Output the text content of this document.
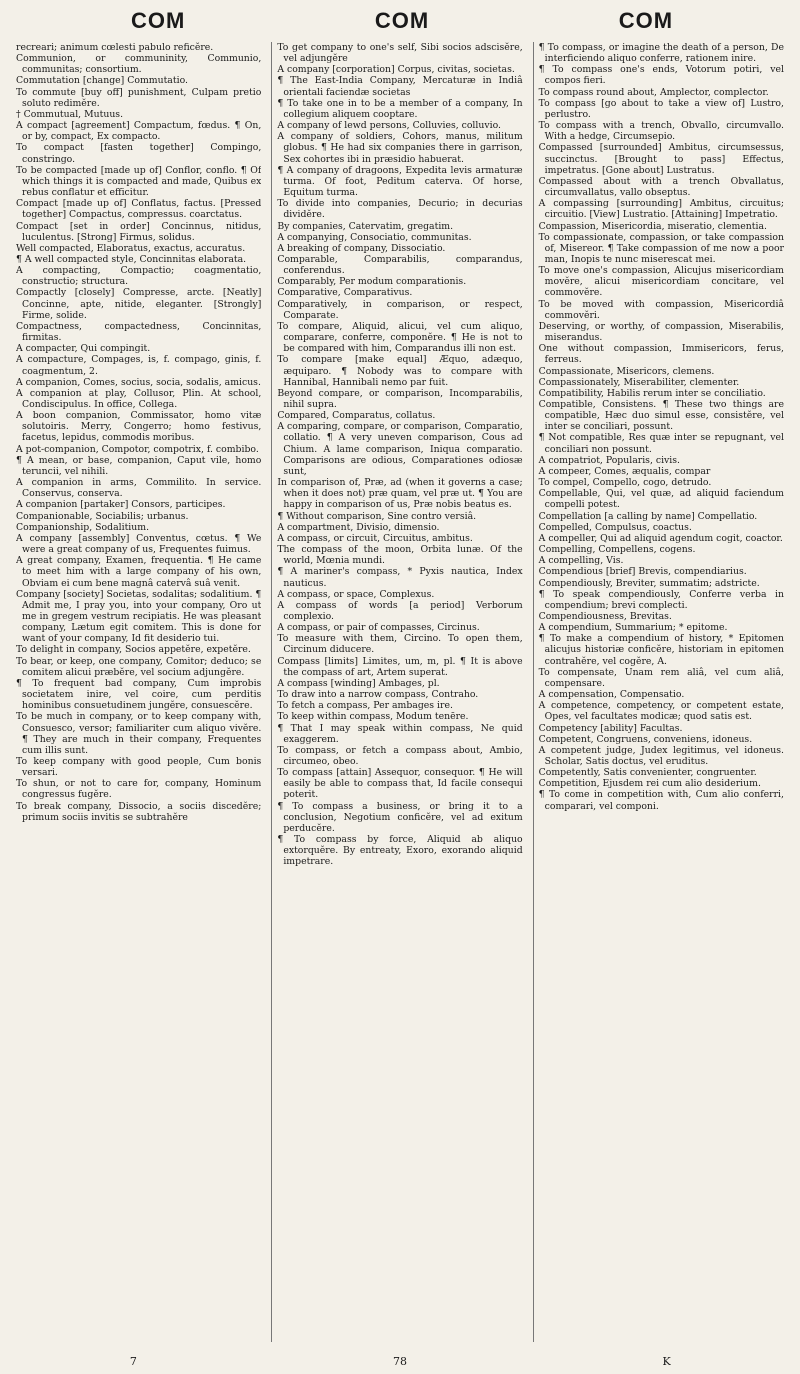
COM	COM	COM

recreari; animum cœlesti pabulo reficĕre.

Communion, or communinity, Communio, communitas; consortium.

Commutation [change] Commutatio.

To commute [buy off] punishment, Culpam pretio soluto redimĕre.

† Commutual, Mutuus.

A compact [agreement] Compactum, fœdus. ¶ On, or by, compact, Ex compacto.

To compact [fasten together] Compingo, constringo.

To be compacted [made up of] Conflor, conflo. ¶ Of which things it is compacted and made, Quibus ex rebus conflatur et efficitur.

Compact [made up of] Conflatus, factus. [Pressed together] Compactus, compressus. coarctatus.

Compact [set in order] Concinnus, nitidus, luculentus. [Strong] Firmus, solidus.

Well compacted, Elaboratus, exactus, accuratus.

¶ A well compacted style, Concinnitas elaborata.

A compacting, Compactio; coagmentatio, constructio; structura.

Compactly [closely] Compresse, arcte. [Neatly] Concinne, apte, nitide, eleganter. [Strongly] Firme, solide.

Compactness, compactedness, Concinnitas, firmitas.

A compacter, Qui compingit.

A compacture, Compages, is, f. compago, ginis, f. coagmentum, 2.

A companion, Comes, socius, socia, sodalis, amicus.

A companion at play, Collusor, Plin. At school, Condiscipulus. In office, Collega.

A boon companion, Commissator, homo vitæ solutoiris. Merry, Congerro; homo festivus, facetus, lepidus, commodis moribus.

A pot-companion, Compotor, compotrix, f. combibo.

¶ A mean, or base, companion, Caput vile, homo teruncii, vel nihili.

A companion in arms, Commilito. In service. Conservus, conserva.

A companion [partaker] Consors, participes.

Companionable, Sociabilis; urbanus.

Companionship, Sodalitium.

A company [assembly] Conventus, cœtus. ¶ We were a great company of us, Frequentes fuimus.

A great company, Examen, frequentia. ¶ He came to meet him with a large company of his own, Obviam ei cum bene magnâ catervâ suâ venit.

Company [society] Societas, sodalitas; sodalitium. ¶ Admit me, I pray you, into your company, Oro ut me in gregem vestrum recipiatis. He was pleasant company, Lætum egit comitem. This is done for want of your company, Id fit desiderio tui.

To delight in company, Socios appetĕre, expetĕre.

To bear, or keep, one company, Comitor; deduco; se comitem alicui præbĕre, vel socium adjungĕre.

¶ To frequent bad company, Cum improbis societatem inire, vel coire, cum perditis hominibus consuetudinem jungĕre, consuescĕre.

To be much in company, or to keep company with, Consuesco, versor; familiariter cum aliquo vivĕre. ¶ They are much in their company, Frequentes cum illis sunt.

To keep company with good people, Cum bonis versari.

To shun, or not to care for, company, Hominum congressus fugĕre.

To break company, Dissocio, a sociis discedĕre; primum sociis invitis se subtrahĕre

To get company to one's self, Sibi socios adscisĕre, vel adjungĕre

A company [corporation] Corpus, civitas, societas.

¶ The East-India Company, Mercaturæ in Indiâ orientali faciendæ societas

¶ To take one in to be a member of a company, In collegium aliquem cooptare.

A company of lewd persons, Colluvies, colluvio.

A company of soldiers, Cohors, manus, militum globus. ¶ He had six companies there in garrison, Sex cohortes ibi in præsidio habuerat.

¶ A company of dragoons, Expedita levis armaturæ turma. Of foot, Peditum caterva. Of horse, Equitum turma.

To divide into companies, Decurio; in decurias dividĕre.

By companies, Catervatim, gregatim.

A companying, Consociatio, communitas.

A breaking of company, Dissociatio.

Comparable, Comparabilis, comparandus, conferendus.

Comparably, Per modum comparationis.

Comparative, Comparativus.

Comparatively, in comparison, or respect, Comparate.

To compare, Aliquid, alicui, vel cum aliquo, comparare, conferre, componĕre. ¶ He is not to be compared with him, Comparandus illi non est.

To compare [make equal] Æquo, adæquo, æquiparo. ¶ Nobody was to compare with Hannibal, Hannibali nemo par fuit.

Beyond compare, or comparison, Incomparabilis, nihil supra.

Compared, Comparatus, collatus.

A comparing, compare, or comparison, Comparatio, collatio. ¶ A very uneven comparison, Cous ad Chium. A lame comparison, Iniqua comparatio. Comparisons are odious, Comparationes odiosæ sunt,

In comparison of, Præ, ad (when it governs a case; when it does not) præ quam, vel præ ut. ¶ You are happy in comparison of us, Præ nobis beatus es.

¶ Without comparison, Sine contro versiâ.

A compartment, Divisio, dimensio.

A compass, or circuit, Circuitus, ambitus.

The compass of the moon, Orbita lunæ. Of the world, Mœnia mundi.

¶ A mariner's compass, * Pyxis nautica, Index nauticus.

A compass, or space, Complexus.

A compass of words [a period] Verborum complexio.

A compass, or pair of compasses, Circinus.

To measure with them, Circino. To open them, Circinum diducere.

Compass [limits] Limites, um, m, pl. ¶ It is above the compass of art, Artem superat.

A compass [winding] Ambages, pl.

To draw into a narrow compass, Contraho.

To fetch a compass, Per ambages ire.

To keep within compass, Modum tenēre.

¶ That I may speak within compass, Ne quid exaggerem.

To compass, or fetch a compass about, Ambio, circumeo, obeo.

To compass [attain] Assequor, consequor. ¶ He will easily be able to compass that, Id facile consequi poterit.

¶ To compass a business, or bring it to a conclusion, Negotium conficĕre, vel ad exitum perducĕre.

¶ To compass by force, Aliquid ab aliquo extorquĕre. By entreaty, Exoro, exorando aliquid impetrare.

¶ To compass, or imagine the death of a person, De interficiendo aliquo conferre, rationem inire.

¶ To compass one's ends, Votorum potiri, vel compos fieri.

To compass round about, Amplector, complector.

To compass [go about to take a view of] Lustro, perlustro.

To compass with a trench, Obvallo, circumvallo. With a hedge, Circumsepio.

Compassed [surrounded] Ambitus, circumsessus, succinctus. [Brought to pass] Effectus, impetratus. [Gone about] Lustratus.

Compassed about with a trench Obvallatus, circumvallatus, vallo obseptus.

A compassing [surrounding] Ambitus, circuitus; circuitio. [View] Lustratio. [Attaining] Impetratio.

Compassion, Misericordia, miseratio, clementia.

To compassionate, compassion, or take compassion of, Misereor. ¶ Take compassion of me now a poor man, Inopis te nunc miserescat mei.

To move one's compassion, Alicujus misericordiam movĕre, alicui misericordiam concitare, vel commovĕre.

To be moved with compassion, Misericordiâ commovĕri.

Deserving, or worthy, of compassion, Miserabilis, miserandus.

One without compassion, Immisericors, ferus, ferreus.

Compassionate, Misericors, clemens.

Compassionately, Miserabiliter, clementer.

Compatibility, Habilis rerum inter se conciliatio.

Compatible, Consistens. ¶ These two things are compatible, Hæc duo simul esse, consistĕre, vel inter se conciliari, possunt.

¶ Not compatible, Res quæ inter se repugnant, vel conciliari non possunt.

A compatriot, Popularis, civis.

A compeer, Comes, æqualis, compar

To compel, Compello, cogo, detrudo.

Compellable, Qui, vel quæ, ad aliquid faciendum compelli potest.

Compellation [a calling by name] Compellatio.

Compelled, Compulsus, coactus.

A compeller, Qui ad aliquid agendum cogit, coactor.

Compelling, Compellens, cogens.

A compelling, Vis.

Compendious [brief] Brevis, compendiarius.

Compendiously, Breviter, summatim; adstricte.

¶ To speak compendiously, Conferre verba in compendium; brevi complecti.

Compendiousness, Brevitas.

A compendium, Summarium; * epitome.

¶ To make a compendium of history, * Epitomen alicujus historiæ conficĕre, historiam in epitomen contrahĕre, vel cogĕre, A.

To compensate, Unam rem aliâ, vel cum aliâ, compensare.

A compensation, Compensatio.

A competence, competency, or competent estate, Opes, vel facultates modicæ; quod satis est.

Competency [ability] Facultas.

Competent, Congruens, conveniens, idoneus.

A competent judge, Judex legitimus, vel idoneus. Scholar, Satis doctus, vel eruditus.

Competently, Satis convenienter, congruenter.

Competition, Ejusdem rei cum alio desiderium.

¶ To come in competition with, Cum alio conferri, comparari, vel componi.

7	78	K
